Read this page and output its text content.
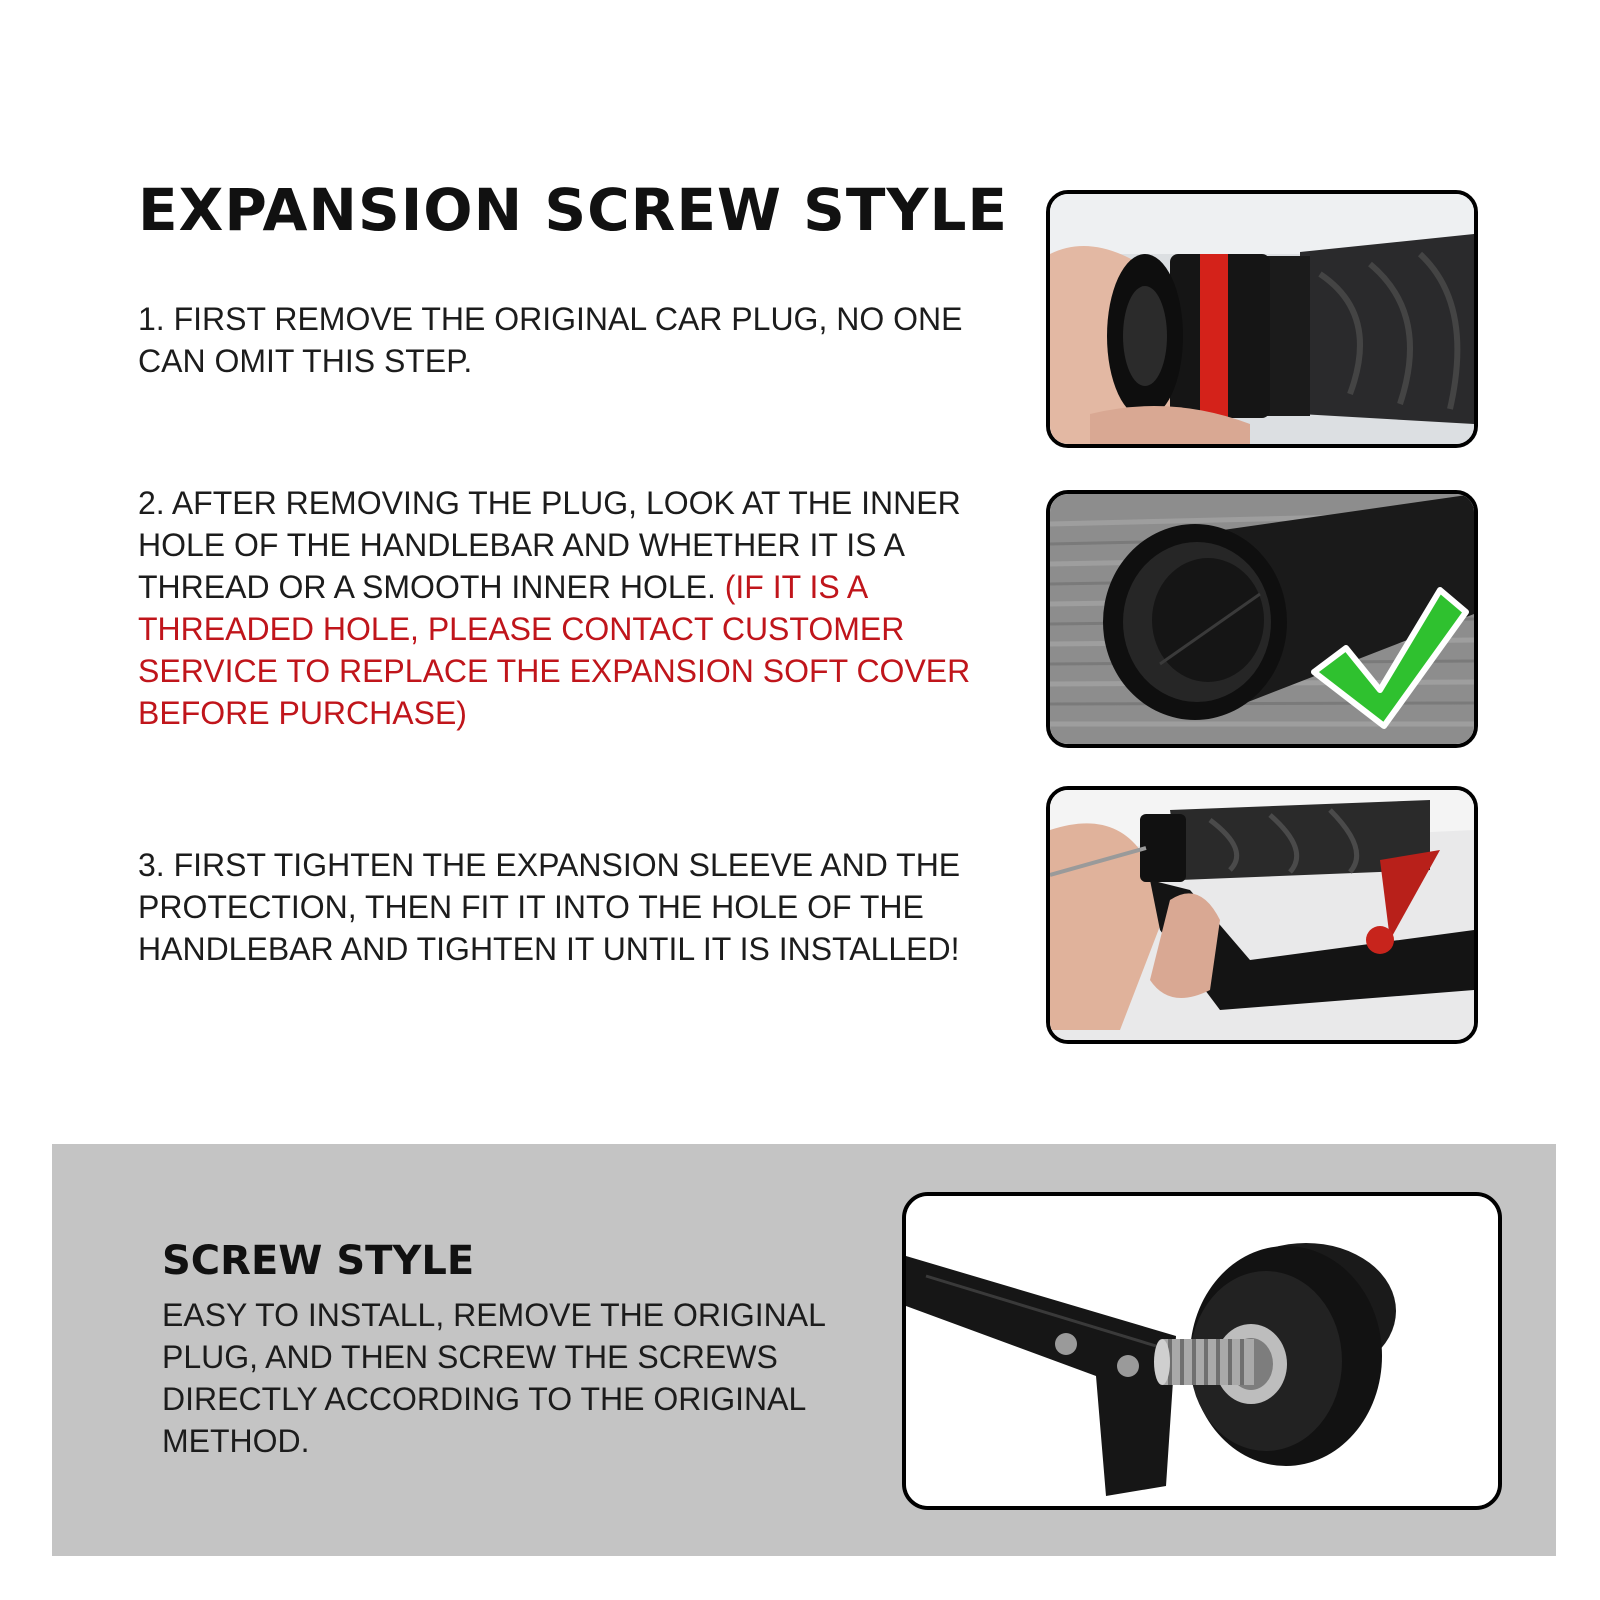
EXPANSION SCREW STYLE
1. FIRST REMOVE THE ORIGINAL CAR PLUG, NO ONE CAN OMIT THIS STEP.
2. AFTER REMOVING THE PLUG, LOOK AT THE INNER HOLE OF THE HANDLEBAR AND WHETHER IT IS A THREAD OR A SMOOTH INNER HOLE. (IF IT IS A THREADED HOLE, PLEASE CONTACT CUSTOMER SERVICE TO REPLACE THE EXPANSION SOFT COVER BEFORE PURCHASE)
3. FIRST TIGHTEN THE EXPANSION SLEEVE AND THE PROTECTION, THEN FIT IT INTO THE HOLE OF THE HANDLEBAR AND TIGHTEN IT UNTIL IT IS INSTALLED!
SCREW STYLE
EASY TO INSTALL, REMOVE THE ORIGINAL PLUG, AND THEN SCREW THE SCREWS DIRECTLY ACCORDING TO THE ORIGINAL METHOD.
